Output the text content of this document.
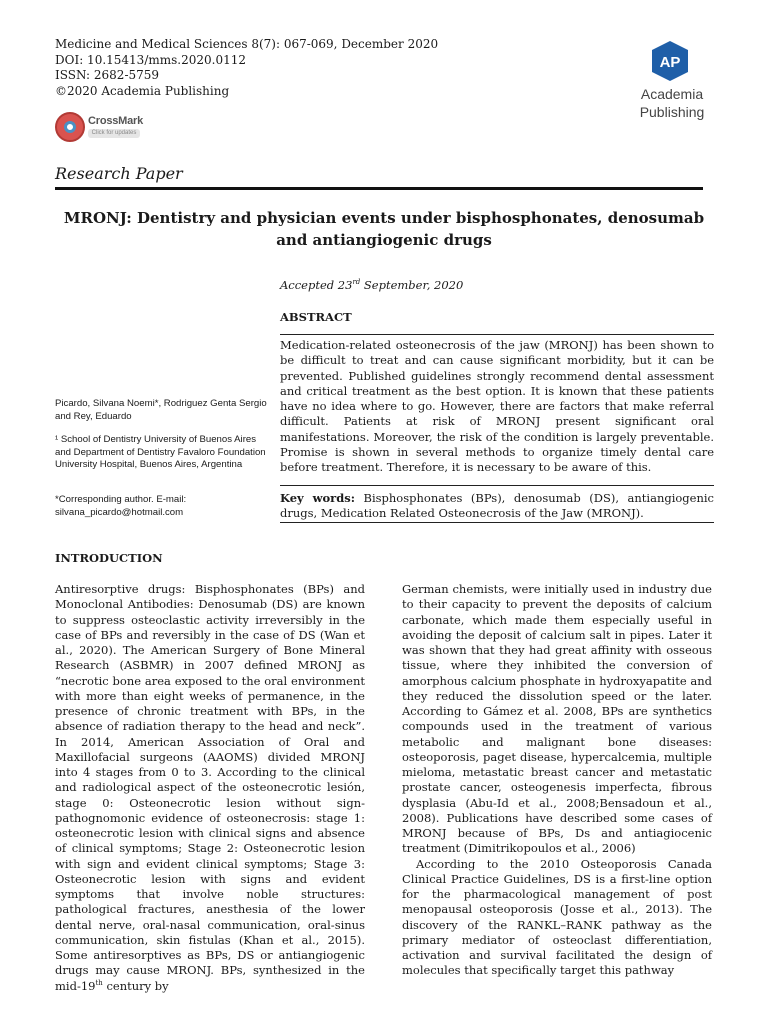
Medicine and Medical Sciences 8(7): 067-069, December 2020
DOI: 10.15413/mms.2020.0112
ISSN: 2682-5759
©2020 Academia Publishing
CrossMark
Click for updates
AP
Academia
Publishing
Research Paper
MRONJ: Dentistry and physician events under bisphosphonates, denosumab
and antiangiogenic drugs
Accepted 23rd September, 2020
ABSTRACT
Medication-related osteonecrosis of the jaw (MRONJ) has been shown to be difficult to treat and can cause significant morbidity, but it can be prevented. Published guidelines strongly recommend dental assessment and critical treatment as the best option. It is known that these patients have no idea where to go. However, there are factors that make referral difficult. Patients at risk of MRONJ present significant oral manifestations. Moreover, the risk of the condition is largely preventable. Promise is shown in several methods to organize timely dental care before treatment. Therefore, it is necessary to be aware of this.
Picardo, Silvana Noemi*, Rodriguez Genta Sergio and Rey, Eduardo
¹ School of Dentistry University of Buenos Aires and Department of Dentistry Favaloro Foundation University Hospital, Buenos Aires, Argentina
*Corresponding author. E-mail: silvana_picardo@hotmail.com
Key words: Bisphosphonates (BPs), denosumab (DS), antiangiogenic drugs, Medication Related Osteonecrosis of the Jaw (MRONJ).
INTRODUCTION

Antiresorptive drugs: Bisphosphonates (BPs) and Monoclonal Antibodies: Denosumab (DS) are known to suppress osteoclastic activity irreversibly in the case of BPs and reversibly in the case of DS (Wan et al., 2020). The American Surgery of Bone Mineral Research (ASBMR) in 2007 defined MRONJ as “necrotic bone area exposed to the oral environment with more than eight weeks of permanence, in the presence of chronic treatment with BPs, in the absence of radiation therapy to the head and neck”. In 2014, American Association of Oral and Maxillofacial surgeons (AAOMS) divided MRONJ into 4 stages from 0 to 3. According to the clinical and radiological aspect of the osteonecrotic lesión, stage 0: Osteonecrotic lesion without sign-pathognomonic evidence of osteonecrosis: stage 1: osteonecrotic lesion with clinical signs and absence of clinical symptoms; Stage 2: Osteonecrotic lesion with sign and evident clinical symptoms; Stage 3: Osteonecrotic lesion with signs and evident symptoms that involve noble structures: pathological fractures, anesthesia of the lower dental nerve, oral-nasal communication, oral-sinus communication, skin fistulas (Khan et al., 2015). Some antiresorptives as BPs, DS or antiangiogenic drugs may cause MRONJ. BPs, synthesized in the mid-19th century by

German chemists, were initially used in industry due to their capacity to prevent the deposits of calcium carbonate, which made them especially useful in avoiding the deposit of calcium salt in pipes. Later it was shown that they had great affinity with osseous tissue, where they inhibited the conversion of amorphous calcium phosphate in hydroxyapatite and they reduced the dissolution speed or the later. According to Gámez et al. 2008, BPs are synthetics compounds used in the treatment of various metabolic and malignant bone diseases: osteoporosis, paget disease, hypercalcemia, multiple mieloma, metastatic breast cancer and metastatic prostate cancer, osteogenesis imperfecta, fibrous dysplasia (Abu-Id et al., 2008;Bensadoun et al., 2008). Publications have described some cases of MRONJ because of BPs, Ds and antiagiocenic treatment (Dimitrikopoulos et al., 2006)

According to the 2010 Osteoporosis Canada Clinical Practice Guidelines, DS is a first-line option for the pharmacological management of post menopausal osteoporosis (Josse et al., 2013). The discovery of the RANKL–RANK pathway as the primary mediator of osteoclast differentiation, activation and survival facilitated the design of molecules that specifically target this pathway
